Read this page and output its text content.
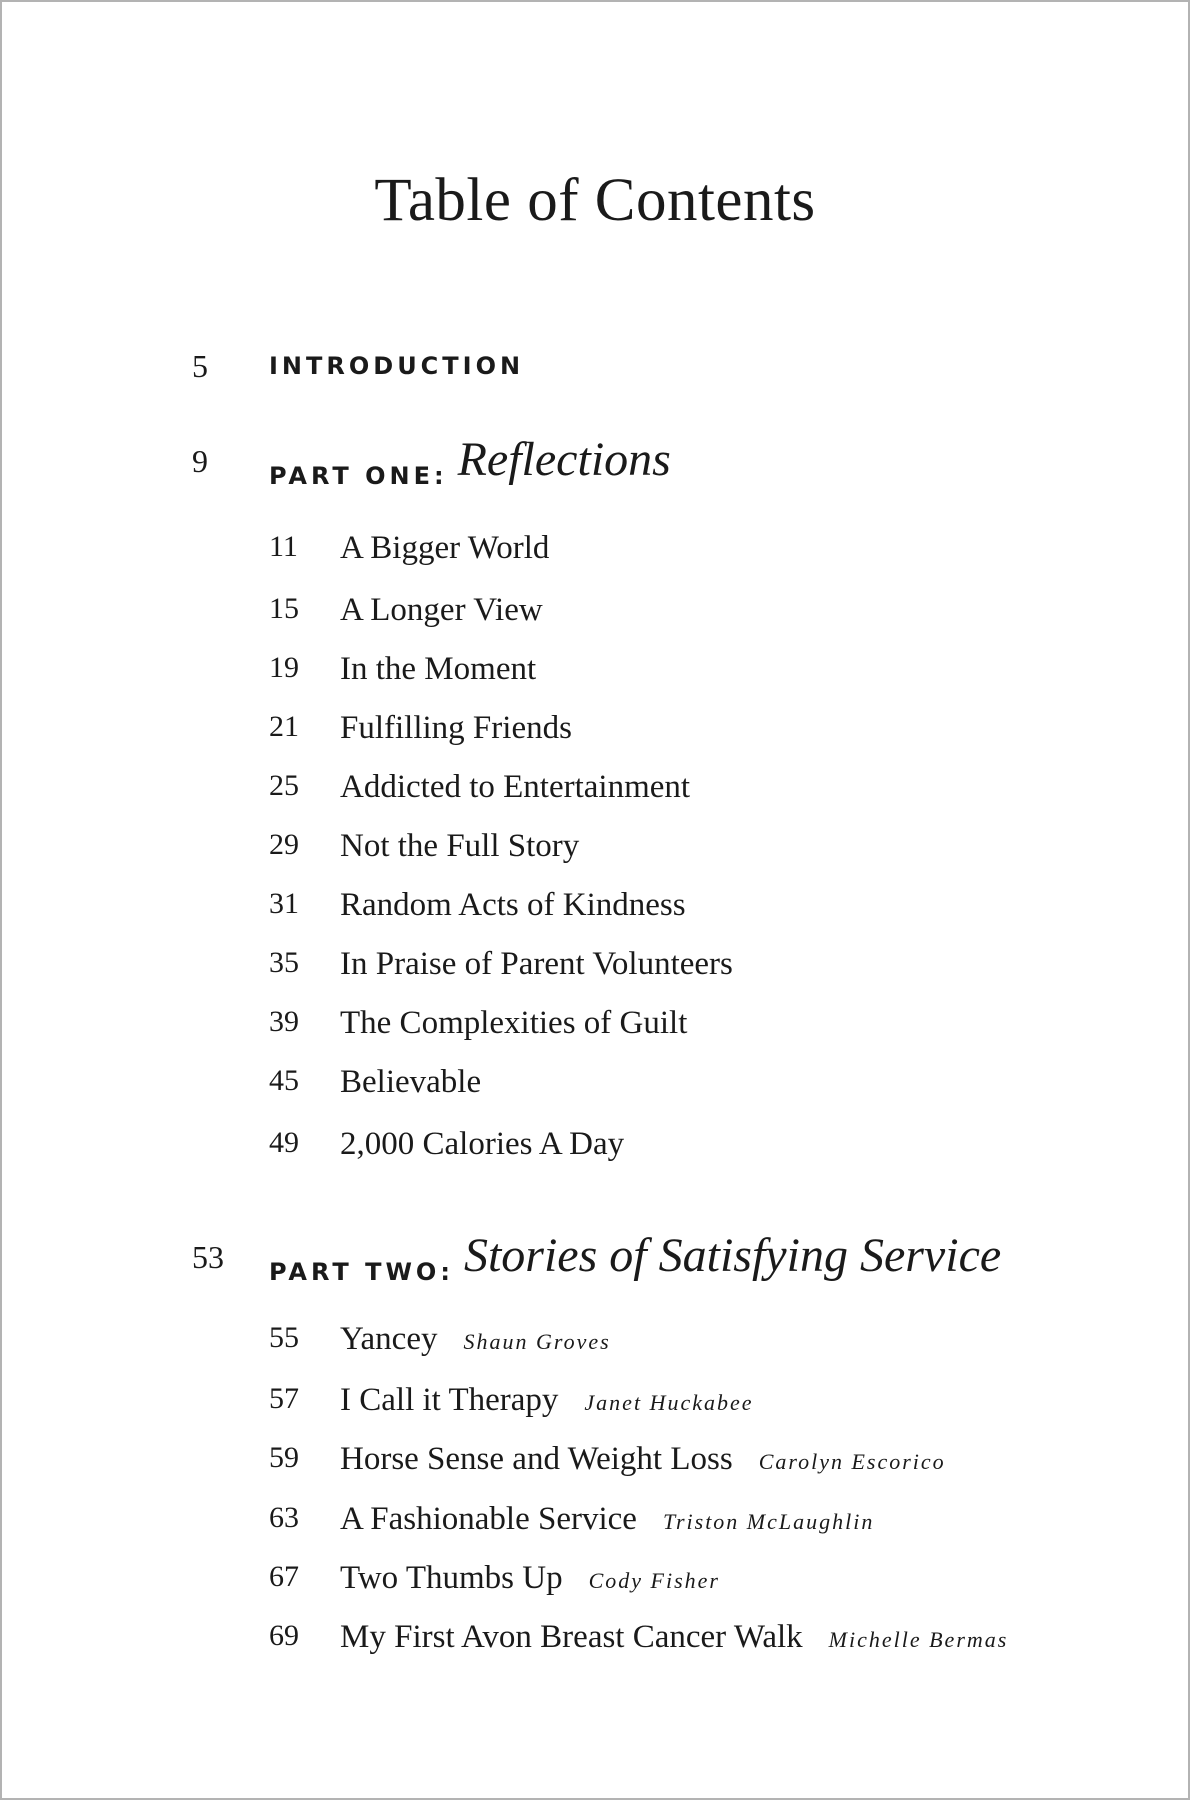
Table of Contents
5	INTRODUCTION
9	PART ONE: Reflections
11 A Bigger World
15 A Longer View
19 In the Moment
21 Fulfilling Friends
25 Addicted to Entertainment
29 Not the Full Story
31 Random Acts of Kindness
35 In Praise of Parent Volunteers
39 The Complexities of Guilt
45 Believable
49 2,000 Calories A Day
53 PART TWO: Stories of Satisfying Service
55 Yancey Shaun Groves
57 I Call it Therapy Janet Huckabee
59 Horse Sense and Weight Loss Carolyn Escorico
63 A Fashionable Service Triston McLaughlin
67 Two Thumbs Up Cody Fisher
69 My First Avon Breast Cancer Walk Michelle Bermas
